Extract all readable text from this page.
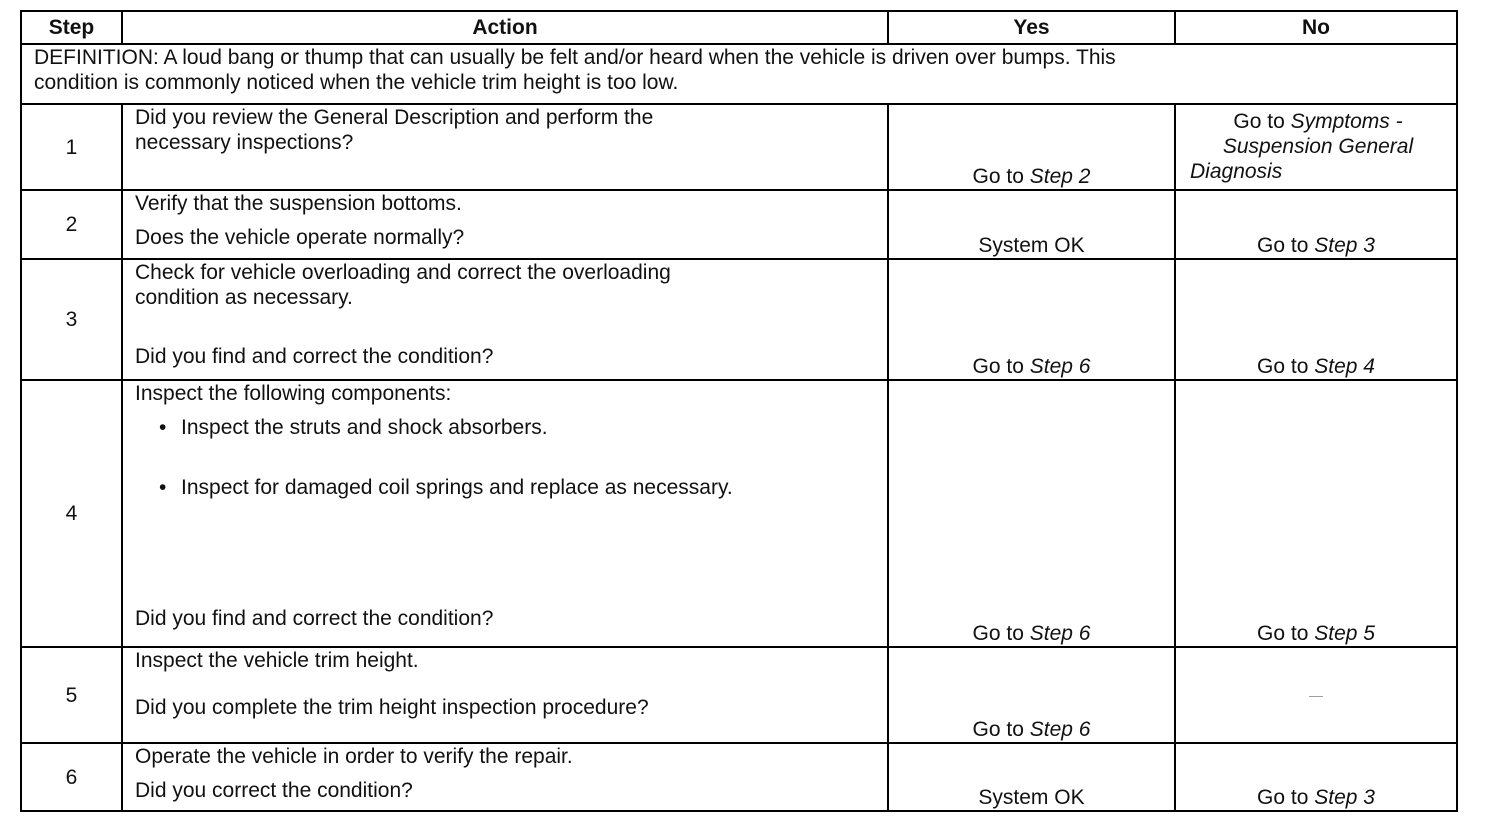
Step	Action	Yes	No

DEFINITION: A loud bang or thump that can usually be felt and/or heard when the vehicle is driven over bumps. This
condition is commonly noticed when the vehicle trim height is too low.			

1	Did you review the General Description and perform the
necessary inspections?	Go to Step 2	Go to Symptoms -
Suspension General
Diagnosis

2	Verify that the suspension bottoms.
Does the vehicle operate normally?	System OK	Go to Step 3
3	Check for vehicle overloading and correct the overloading
condition as necessary.
Did you find and correct the condition?	Go to Step 6	Go to Step 4
4	Inspect the following components:
• Inspect the struts and shock absorbers.
• Inspect for damaged coil springs and replace as necessary.
Did you find and correct the condition?	Go to Step 6	Go to Step 5
5	Inspect the vehicle trim height.
Did you complete the trim height inspection procedure?	Go to Step 6	—
6	Operate the vehicle in order to verify the repair.
Did you correct the condition?	System OK	Go to Step 3
